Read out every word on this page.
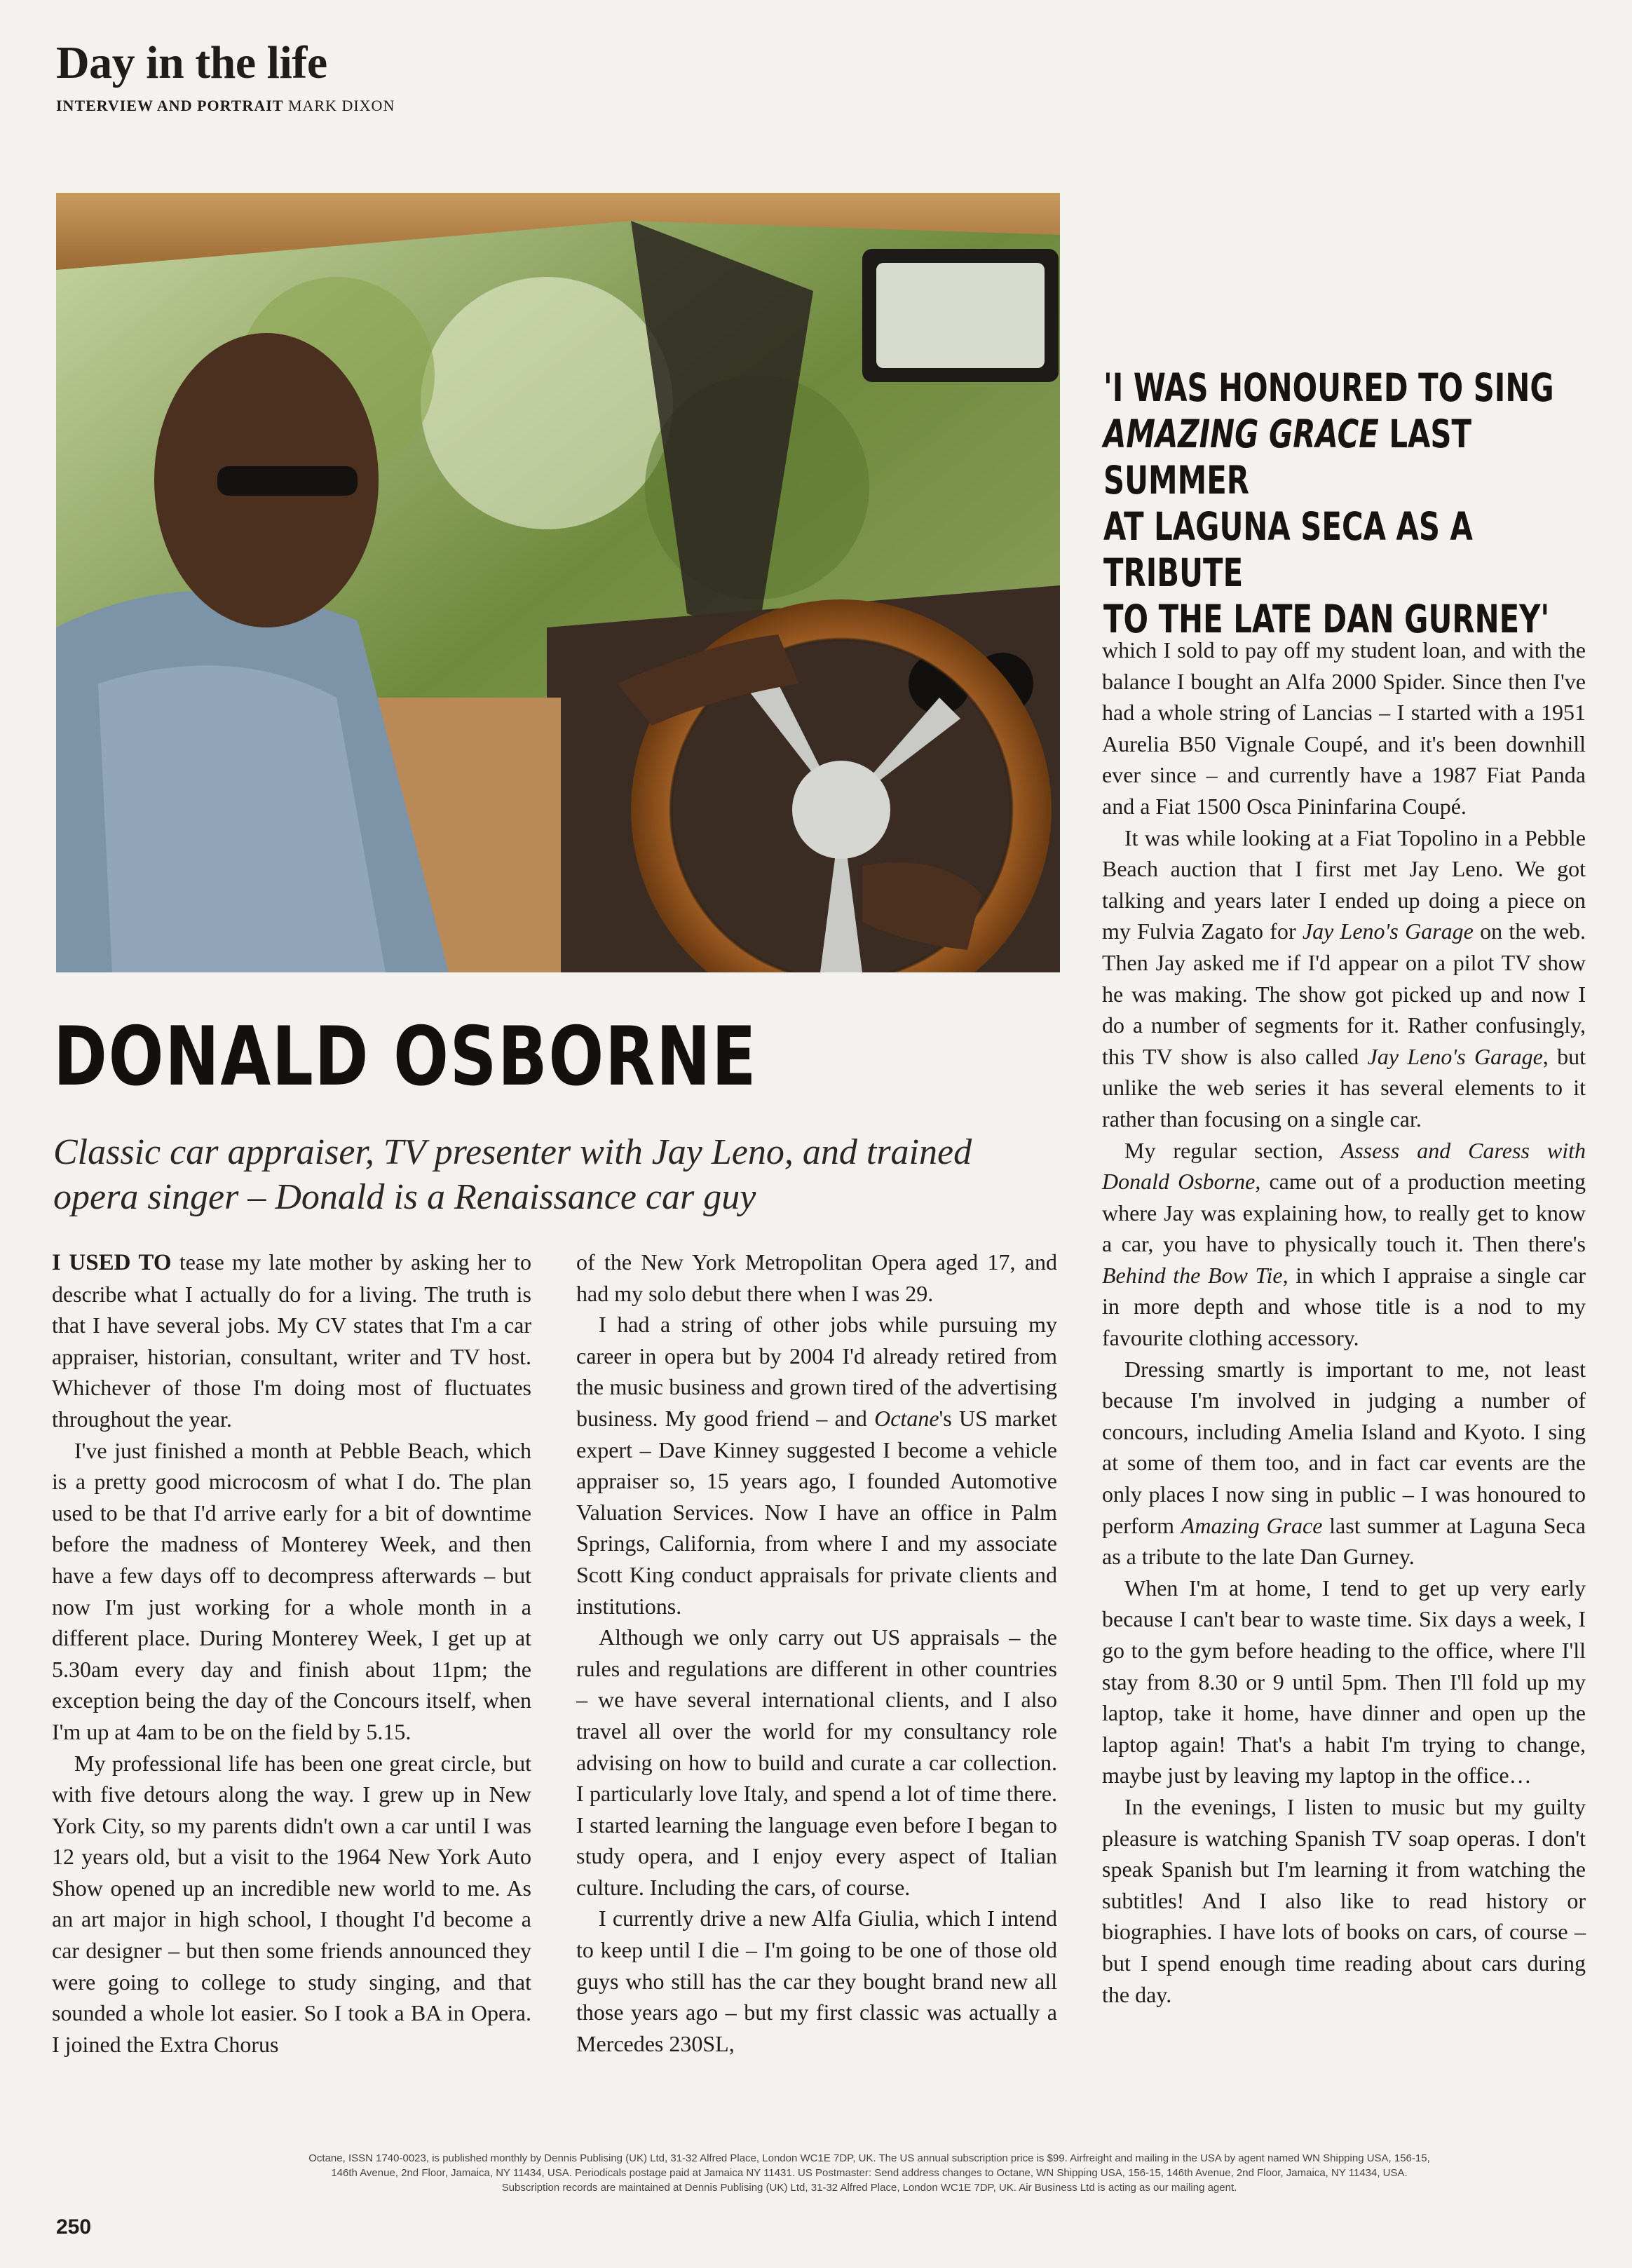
Day in the life
INTERVIEW AND PORTRAIT MARK DIXON
'I WAS HONOURED TO SING
AMAZING GRACE LAST SUMMER
AT LAGUNA SECA AS A TRIBUTE
TO THE LATE DAN GURNEY'
DONALD OSBORNE
Classic car appraiser, TV presenter with Jay Leno, and trained opera singer – Donald is a Renaissance car guy

I USED TO tease my late mother by asking her to describe what I actually do for a living. The truth is that I have several jobs. My CV states that I'm a car appraiser, historian, consultant, writer and TV host. Whichever of those I'm doing most of fluctuates throughout the year.

I've just finished a month at Pebble Beach, which is a pretty good microcosm of what I do. The plan used to be that I'd arrive early for a bit of downtime before the madness of Monterey Week, and then have a few days off to decompress afterwards – but now I'm just working for a whole month in a different place. During Monterey Week, I get up at 5.30am every day and finish about 11pm; the exception being the day of the Concours itself, when I'm up at 4am to be on the field by 5.15.

My professional life has been one great circle, but with five detours along the way. I grew up in New York City, so my parents didn't own a car until I was 12 years old, but a visit to the 1964 New York Auto Show opened up an incredible new world to me. As an art major in high school, I thought I'd become a car designer – but then some friends announced they were going to college to study singing, and that sounded a whole lot easier. So I took a BA in Opera. I joined the Extra Chorus

of the New York Metropolitan Opera aged 17, and had my solo debut there when I was 29.

I had a string of other jobs while pursuing my career in opera but by 2004 I'd already retired from the music business and grown tired of the advertising business. My good friend – and Octane's US market expert – Dave Kinney suggested I become a vehicle appraiser so, 15 years ago, I founded Automotive Valuation Services. Now I have an office in Palm Springs, California, from where I and my associate Scott King conduct appraisals for private clients and institutions.

Although we only carry out US appraisals – the rules and regulations are different in other countries – we have several international clients, and I also travel all over the world for my consultancy role advising on how to build and curate a car collection. I particularly love Italy, and spend a lot of time there. I started learning the language even before I began to study opera, and I enjoy every aspect of Italian culture. Including the cars, of course.

I currently drive a new Alfa Giulia, which I intend to keep until I die – I'm going to be one of those old guys who still has the car they bought brand new all those years ago – but my first classic was actually a Mercedes 230SL,

which I sold to pay off my student loan, and with the balance I bought an Alfa 2000 Spider. Since then I've had a whole string of Lancias – I started with a 1951 Aurelia B50 Vignale Coupé, and it's been downhill ever since – and currently have a 1987 Fiat Panda and a Fiat 1500 Osca Pininfarina Coupé.

It was while looking at a Fiat Topolino in a Pebble Beach auction that I first met Jay Leno. We got talking and years later I ended up doing a piece on my Fulvia Zagato for Jay Leno's Garage on the web. Then Jay asked me if I'd appear on a pilot TV show he was making. The show got picked up and now I do a number of segments for it. Rather confusingly, this TV show is also called Jay Leno's Garage, but unlike the web series it has several elements to it rather than focusing on a single car.

My regular section, Assess and Caress with Donald Osborne, came out of a production meeting where Jay was explaining how, to really get to know a car, you have to physically touch it. Then there's Behind the Bow Tie, in which I appraise a single car in more depth and whose title is a nod to my favourite clothing accessory.

Dressing smartly is important to me, not least because I'm involved in judging a number of concours, including Amelia Island and Kyoto. I sing at some of them too, and in fact car events are the only places I now sing in public – I was honoured to perform Amazing Grace last summer at Laguna Seca as a tribute to the late Dan Gurney.

When I'm at home, I tend to get up very early because I can't bear to waste time. Six days a week, I go to the gym before heading to the office, where I'll stay from 8.30 or 9 until 5pm. Then I'll fold up my laptop, take it home, have dinner and open up the laptop again! That's a habit I'm trying to change, maybe just by leaving my laptop in the office…

In the evenings, I listen to music but my guilty pleasure is watching Spanish TV soap operas. I don't speak Spanish but I'm learning it from watching the subtitles! And I also like to read history or biographies. I have lots of books on cars, of course – but I spend enough time reading about cars during the day.

Octane, ISSN 1740-0023, is published monthly by Dennis Publising (UK) Ltd, 31-32 Alfred Place, London WC1E 7DP, UK. The US annual subscription price is $99. Airfreight and mailing in the USA by agent named WN Shipping USA, 156-15,
146th Avenue, 2nd Floor, Jamaica, NY 11434, USA. Periodicals postage paid at Jamaica NY 11431. US Postmaster: Send address changes to Octane, WN Shipping USA, 156-15, 146th Avenue, 2nd Floor, Jamaica, NY 11434, USA.
Subscription records are maintained at Dennis Publising (UK) Ltd, 31-32 Alfred Place, London WC1E 7DP, UK. Air Business Ltd is acting as our mailing agent.
250
